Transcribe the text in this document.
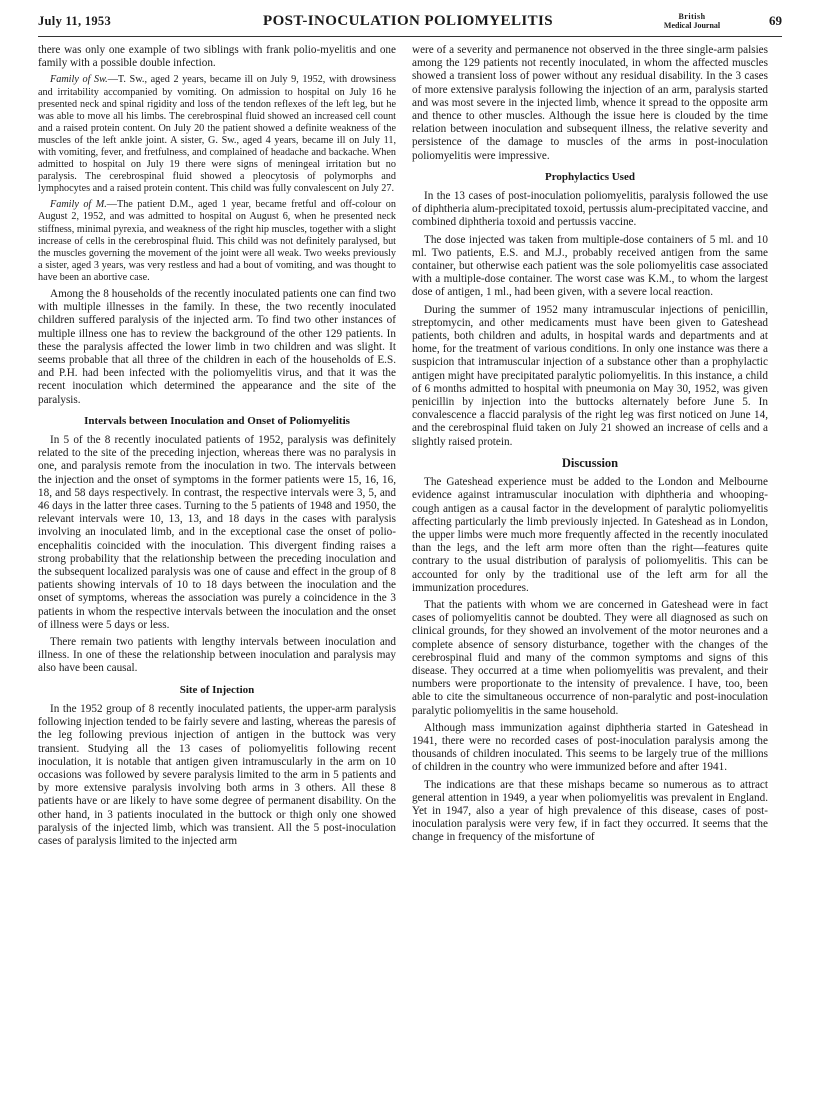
July 11, 1953	POST-INOCULATION POLIOMYELITIS	British
Medical Journal	69

there was only one example of two siblings with frank polio-myelitis and one family with a possible double infection.

Family of Sw.—T. Sw., aged 2 years, became ill on July 9, 1952, with drowsiness and irritability accompanied by vomiting. On admission to hospital on July 16 he presented neck and spinal rigidity and loss of the tendon reflexes of the left leg, but he was able to move all his limbs. The cerebrospinal fluid showed an increased cell count and a raised protein content. On July 20 the patient showed a definite weakness of the muscles of the left ankle joint. A sister, G. Sw., aged 4 years, became ill on July 11, with vomiting, fever, and fretfulness, and complained of headache and backache. When admitted to hospital on July 19 there were signs of meningeal irritation but no paralysis. The cerebrospinal fluid showed a pleocytosis of polymorphs and lymphocytes and a raised protein content. This child was fully convalescent on July 27.

Family of M.—The patient D.M., aged 1 year, became fretful and off-colour on August 2, 1952, and was admitted to hospital on August 6, when he presented neck stiffness, minimal pyrexia, and weakness of the right hip muscles, together with a slight increase of cells in the cerebrospinal fluid. This child was not definitely paralysed, but the muscles governing the movement of the joint were all weak. Two weeks previously a sister, aged 3 years, was very restless and had a bout of vomiting, and was thought to have been an abortive case.

Among the 8 households of the recently inoculated patients one can find two with multiple illnesses in the family. In these, the two recently inoculated children suffered paralysis of the injected arm. To find two other instances of multiple illness one has to review the background of the other 129 patients. In these the paralysis affected the lower limb in two children and was slight. It seems probable that all three of the children in each of the households of E.S. and P.H. had been infected with the poliomyelitis virus, and that it was the recent inoculation which determined the appearance and the site of the paralysis.

Intervals between Inoculation and Onset of Poliomyelitis

In 5 of the 8 recently inoculated patients of 1952, paralysis was definitely related to the site of the preceding injection, whereas there was no paralysis in one, and paralysis remote from the inoculation in two. The intervals between the injection and the onset of symptoms in the former patients were 15, 16, 16, 18, and 58 days respectively. In contrast, the respective intervals were 3, 5, and 46 days in the latter three cases. Turning to the 5 patients of 1948 and 1950, the relevant intervals were 10, 13, 13, and 18 days in the cases with paralysis involving an inoculated limb, and in the exceptional case the onset of polio-encephalitis coincided with the inoculation. This divergent finding raises a strong probability that the relationship between the preceding inoculation and the subsequent localized paralysis was one of cause and effect in the group of 8 patients showing intervals of 10 to 18 days between the inoculation and the onset of symptoms, whereas the association was purely a coincidence in the 3 patients in whom the respective intervals between the inoculation and the onset of illness were 5 days or less.

There remain two patients with lengthy intervals between inoculation and illness. In one of these the relationship between inoculation and paralysis may also have been causal.

Site of Injection

In the 1952 group of 8 recently inoculated patients, the upper-arm paralysis following injection tended to be fairly severe and lasting, whereas the paresis of the leg following previous injection of antigen in the buttock was very transient. Studying all the 13 cases of poliomyelitis following recent inoculation, it is notable that antigen given intramuscularly in the arm on 10 occasions was followed by severe paralysis limited to the arm in 5 patients and by more extensive paralysis involving both arms in 3 others. All these 8 patients have or are likely to have some degree of permanent disability. On the other hand, in 3 patients inoculated in the buttock or thigh only one showed paralysis of the injected limb, which was transient. All the 5 post-inoculation cases of paralysis limited to the injected arm

were of a severity and permanence not observed in the three single-arm palsies among the 129 patients not recently inoculated, in whom the affected muscles showed a transient loss of power without any residual disability. In the 3 cases of more extensive paralysis following the injection of an arm, paralysis started and was most severe in the injected limb, whence it spread to the opposite arm and thence to other muscles. Although the issue here is clouded by the time relation between inoculation and subsequent illness, the relative severity and persistence of the damage to muscles of the arms in post-inoculation poliomyelitis were impressive.

Prophylactics Used

In the 13 cases of post-inoculation poliomyelitis, paralysis followed the use of diphtheria alum-precipitated toxoid, pertussis alum-precipitated vaccine, and combined diphtheria toxoid and pertussis vaccine.

The dose injected was taken from multiple-dose containers of 5 ml. and 10 ml. Two patients, E.S. and M.J., probably received antigen from the same container, but otherwise each patient was the sole poliomyelitis case associated with a multiple-dose container. The worst case was K.M., to whom the largest dose of antigen, 1 ml., had been given, with a severe local reaction.

During the summer of 1952 many intramuscular injections of penicillin, streptomycin, and other medicaments must have been given to Gateshead patients, both children and adults, in hospital wards and departments and at home, for the treatment of various conditions. In only one instance was there a suspicion that intramuscular injection of a substance other than a prophylactic antigen might have precipitated paralytic poliomyelitis. In this instance, a child of 6 months admitted to hospital with pneumonia on May 30, 1952, was given penicillin by injection into the buttocks alternately before June 5. In convalescence a flaccid paralysis of the right leg was first noticed on June 14, and the cerebrospinal fluid taken on July 21 showed an increase of cells and a slightly raised protein.

Discussion

The Gateshead experience must be added to the London and Melbourne evidence against intramuscular inoculation with diphtheria and whooping-cough antigen as a causal factor in the development of paralytic poliomyelitis affecting particularly the limb previously injected. In Gateshead as in London, the upper limbs were much more frequently affected in the recently inoculated than the legs, and the left arm more often than the right—features quite contrary to the usual distribution of paralysis of poliomyelitis. This can be accounted for only by the traditional use of the left arm for all the immunization procedures.

That the patients with whom we are concerned in Gateshead were in fact cases of poliomyelitis cannot be doubted. They were all diagnosed as such on clinical grounds, for they showed an involvement of the motor neurones and a complete absence of sensory disturbance, together with the changes of the cerebrospinal fluid and many of the common symptoms and signs of this disease. They occurred at a time when poliomyelitis was prevalent, and their numbers were proportionate to the intensity of prevalence. I have, too, been able to cite the simultaneous occurrence of non-paralytic and post-inoculation paralytic poliomyelitis in the same household.

Although mass immunization against diphtheria started in Gateshead in 1941, there were no recorded cases of post-inoculation paralysis among the thousands of children inoculated. This seems to be largely true of the millions of children in the country who were immunized before and after 1941.

The indications are that these mishaps became so numerous as to attract general attention in 1949, a year when poliomyelitis was prevalent in England. Yet in 1947, also a year of high prevalence of this disease, cases of post-inoculation paralysis were very few, if in fact they occurred. It seems that the change in frequency of the misfortune of
